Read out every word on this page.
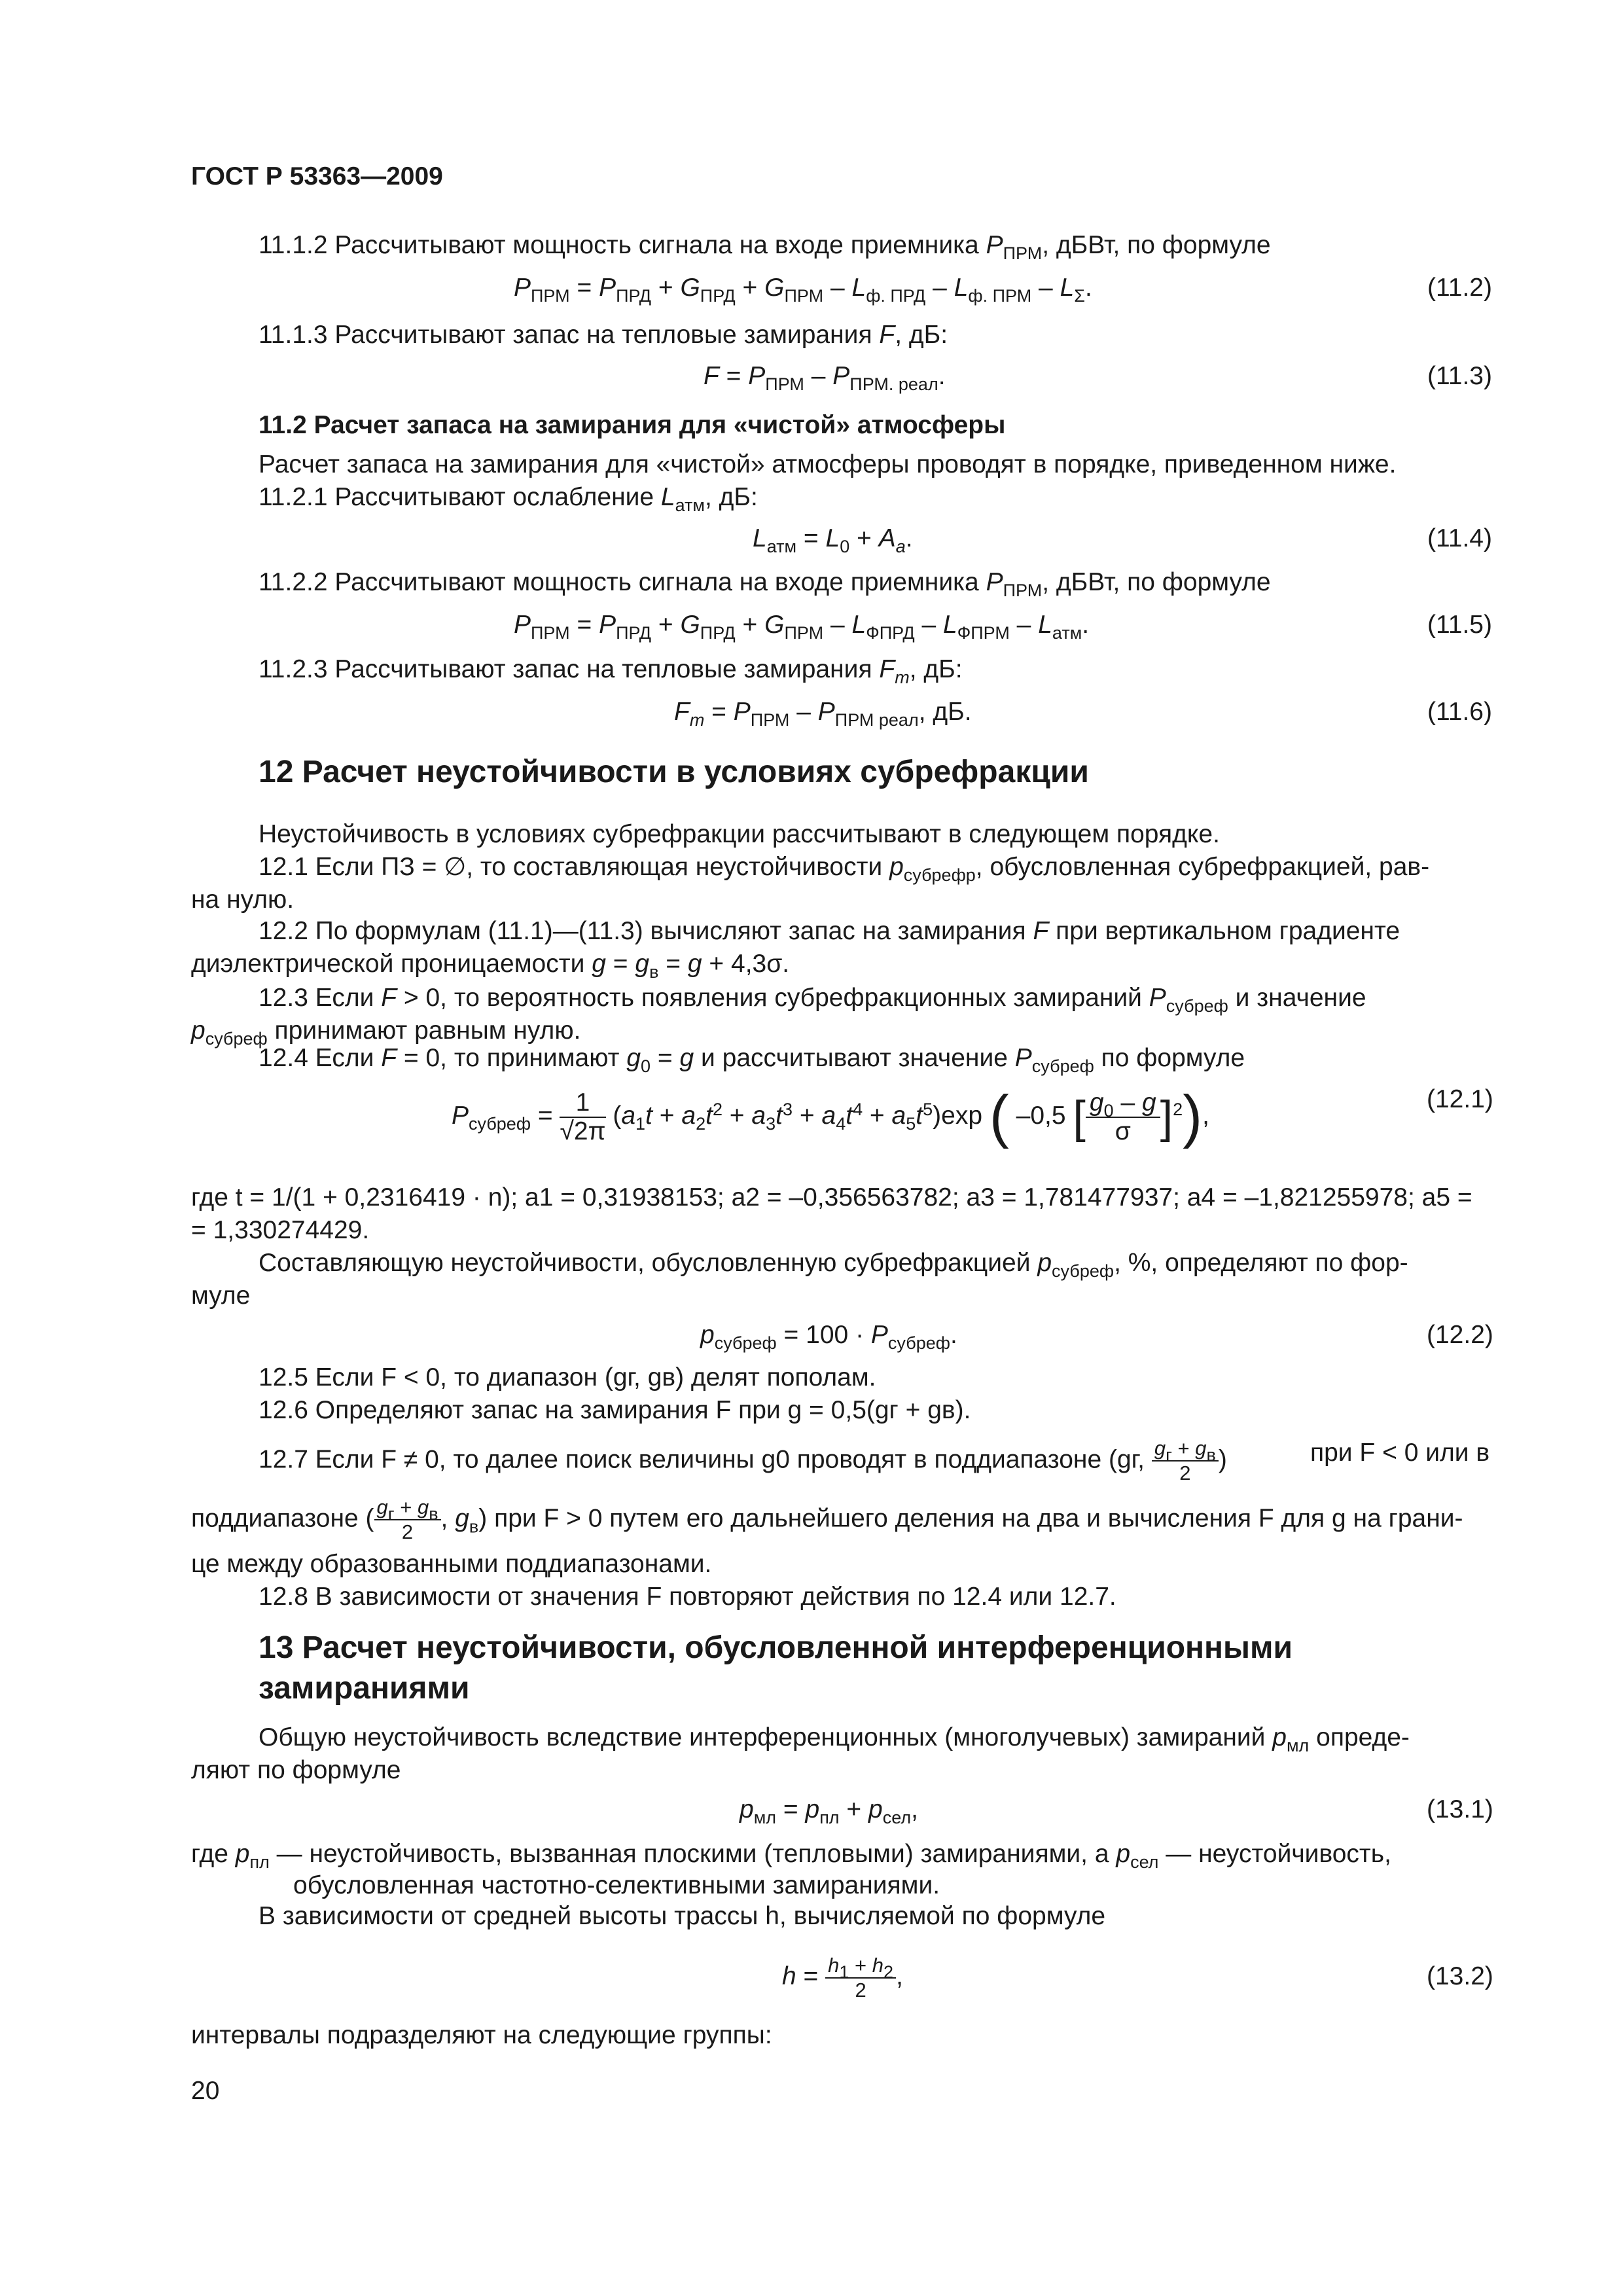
ГОСТ Р 53363—2009
11.1.2 Рассчитывают мощность сигнала на входе приемника $P_{ПРМ}$, дБВт, по формуле
$P_{ПРМ} = P_{ПРД} + G_{ПРД} + G_{ПРМ} - L_{ф. ПРД} - L_{ф. ПРМ} - L_\Sigma$.	(11.2)
11.1.3 Рассчитывают запас на тепловые замирания F, дБ:
$F = P_{ПРМ} - P_{ПРМ. реал}$.	(11.3)
11.2 Расчет запаса на замирания для «чистой» атмосферы
Расчет запаса на замирания для «чистой» атмосферы проводят в порядке, приведенном ниже.
11.2.1 Рассчитывают ослабление $L_{атм}$, дБ:
$L_{атм} = L_0 + A_a$.	(11.4)
11.2.2 Рассчитывают мощность сигнала на входе приемника $P_{ПРМ}$, дБВт, по формуле
$P_{ПРМ} = P_{ПРД} + G_{ПРД} + G_{ПРМ} - L_{ФПРД} - L_{ФПРМ} - L_{атм}$.	(11.5)
11.2.3 Рассчитывают запас на тепловые замирания $F_m$, дБ:
$F_m = P_{ПРМ} - P_{ПРМ реал}$, дБ.	(11.6)
12 Расчет неустойчивости в условиях субрефракции
Неустойчивость в условиях субрефракции рассчитывают в следующем порядке.
12.1 Если ПЗ = ∅, то составляющая неустойчивости $p_{субрефр}$, обусловленная субрефракцией, рав-
на нулю.
12.2 По формулам (11.1)—(11.3) вычисляют запас на замирания F при вертикальном градиенте
диэлектрической проницаемости $g = g_в = g + 4,3\sigma$.
12.3 Если F > 0, то вероятность появления субрефракционных замираний $P_{субреф}$ и значение
$p_{субреф}$ принимают равным нулю.
12.4 Если F = 0, то принимают $g_0 = g$ и рассчитывают значение $P_{субреф}$ по формуле
$P_{субреф} = \frac{1}{√2\pi} (a_1t + a_2t^2 + a_3t^3 + a_4t^4 + a_5t^5)\exp$ ( –0,5 [ $\frac{g_0 - g}{\sigma} ]^2$),
(12.1)
где t = 1/(1 + 0,2316419 · n); a1 = 0,31938153; a2 = –0,356563782; a3 = 1,781477937; a4 = –1,821255978; a5 =
= 1,330274429.
Составляющую неустойчивости, обусловленную субрефракцией $p_{субреф}$, %, определяют по фор-
муле
$p_{субреф} = 100 \cdot P_{субреф}$.	(12.2)
12.5 Если F < 0, то диапазон (gг, gв) делят пополам.
12.6 Определяют запас на замирания F при g = 0,5(gг + gв).
12.7 Если F ≠ 0, то далее поиск величины g0 проводят в поддиапазоне (gг, $g_г + g_в$
2	)	при F < 0 или в
поддиапазоне ( $g_г + g_в$
2	, $g_в$) при F > 0 путем его дальнейшего деления на два и вычисления F для g на грани-
це между образованными поддиапазонами.
12.8 В зависимости от значения F повторяют действия по 12.4 или 12.7.
13 Расчет неустойчивости, обусловленной интерференционными
замираниями
Общую неустойчивость вследствие интерференционных (многолучевых) замираний $p_{мл}$ опреде-
ляют по формуле
$p_{мл} = p_{пл} + p_{сел}$,	(13.1)
где $p_{пл}$ — неустойчивость, вызванная плоскими (тепловыми) замираниями, а $p_{сел}$ — неустойчивость,
обусловленная частотно-селективными замираниями.
В зависимости от средней высоты трассы h, вычисляемой по формуле
$h = \frac{h_1 + h_2}{2}$ ,	(13.2)
интервалы подразделяют на следующие группы:
20
